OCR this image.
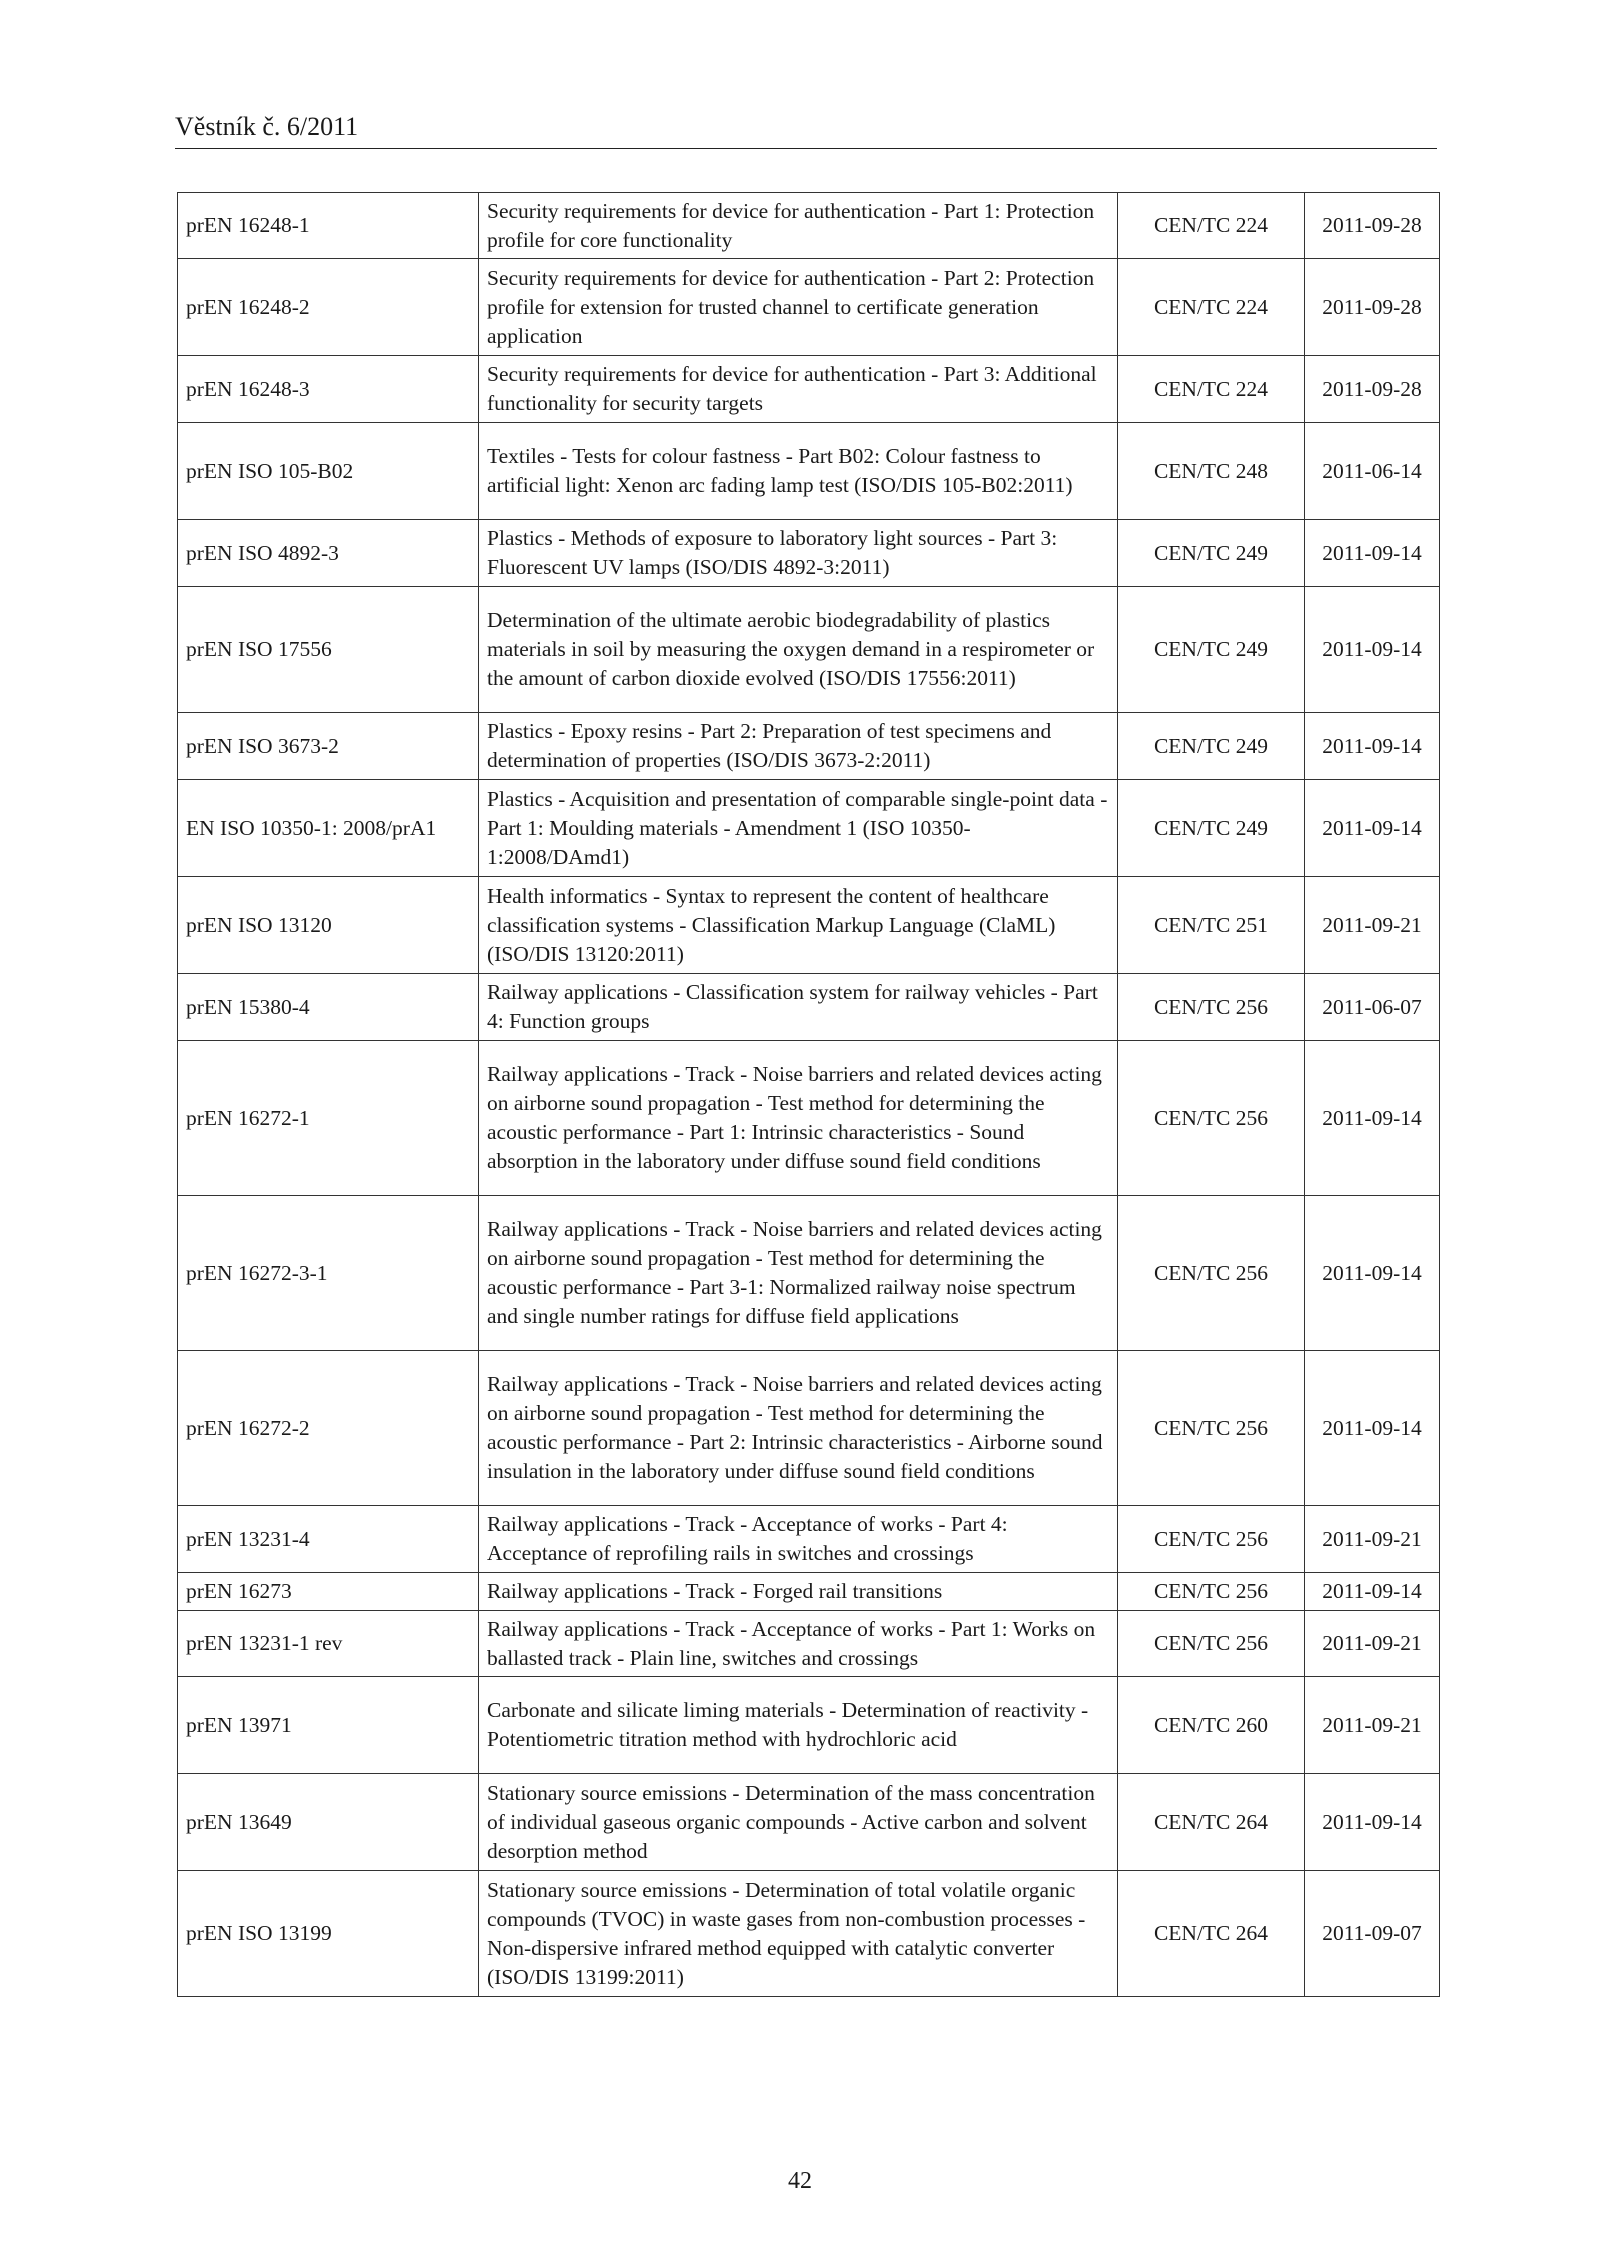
Věstník č. 6/2011
prEN 16248-1	Security requirements for device for authentication - Part 1: Protection profile for core functionality	CEN/TC 224	2011-09-28
prEN 16248-2	Security requirements for device for authentication - Part 2: Protection profile for extension for trusted channel to certificate generation application	CEN/TC 224	2011-09-28
prEN 16248-3	Security requirements for device for authentication - Part 3: Additional functionality for security targets	CEN/TC 224	2011-09-28
prEN ISO 105-B02	Textiles - Tests for colour fastness - Part B02: Colour fastness to artificial light: Xenon arc fading lamp test (ISO/DIS 105-B02:2011)	CEN/TC 248	2011-06-14
prEN ISO 4892-3	Plastics - Methods of exposure to laboratory light sources - Part 3: Fluorescent UV lamps (ISO/DIS 4892-3:2011)	CEN/TC 249	2011-09-14
prEN ISO 17556	Determination of the ultimate aerobic biodegradability of plastics materials in soil by measuring the oxygen demand in a respirometer or the amount of carbon dioxide evolved (ISO/DIS 17556:2011)	CEN/TC 249	2011-09-14
prEN ISO 3673-2	Plastics - Epoxy resins - Part 2: Preparation of test specimens and determination of properties (ISO/DIS 3673-2:2011)	CEN/TC 249	2011-09-14
EN ISO 10350-1: 2008/prA1	Plastics - Acquisition and presentation of comparable single-point data - Part 1: Moulding materials - Amendment 1 (ISO 10350-1:2008/DAmd1)	CEN/TC 249	2011-09-14
prEN ISO 13120	Health informatics - Syntax to represent the content of healthcare classification systems - Classification Markup Language (ClaML) (ISO/DIS 13120:2011)	CEN/TC 251	2011-09-21
prEN 15380-4	Railway applications - Classification system for railway vehicles - Part 4: Function groups	CEN/TC 256	2011-06-07
prEN 16272-1	Railway applications - Track - Noise barriers and related devices acting on airborne sound propagation - Test method for determining the acoustic performance - Part 1: Intrinsic characteristics - Sound absorption in the laboratory under diffuse sound field conditions	CEN/TC 256	2011-09-14
prEN 16272-3-1	Railway applications - Track - Noise barriers and related devices acting on airborne sound propagation - Test method for determining the acoustic performance - Part 3-1: Normalized railway noise spectrum and single number ratings for diffuse field applications	CEN/TC 256	2011-09-14
prEN 16272-2	Railway applications - Track - Noise barriers and related devices acting on airborne sound propagation - Test method for determining the acoustic performance - Part 2: Intrinsic characteristics - Airborne sound insulation in the laboratory under diffuse sound field conditions	CEN/TC 256	2011-09-14
prEN 13231-4	Railway applications - Track - Acceptance of works - Part 4: Acceptance of reprofiling rails in switches and crossings	CEN/TC 256	2011-09-21
prEN 16273	Railway applications - Track - Forged rail transitions	CEN/TC 256	2011-09-14
prEN 13231-1 rev	Railway applications - Track - Acceptance of works - Part 1: Works on ballasted track - Plain line, switches and crossings	CEN/TC 256	2011-09-21
prEN 13971	Carbonate and silicate liming materials - Determination of reactivity - Potentiometric titration method with hydrochloric acid	CEN/TC 260	2011-09-21
prEN 13649	Stationary source emissions - Determination of the mass concentration of individual gaseous organic compounds - Active carbon and solvent desorption method	CEN/TC 264	2011-09-14
prEN ISO 13199	Stationary source emissions - Determination of total volatile organic compounds (TVOC) in waste gases from non-combustion processes - Non-dispersive infrared method equipped with catalytic converter (ISO/DIS 13199:2011)	CEN/TC 264	2011-09-07
42
